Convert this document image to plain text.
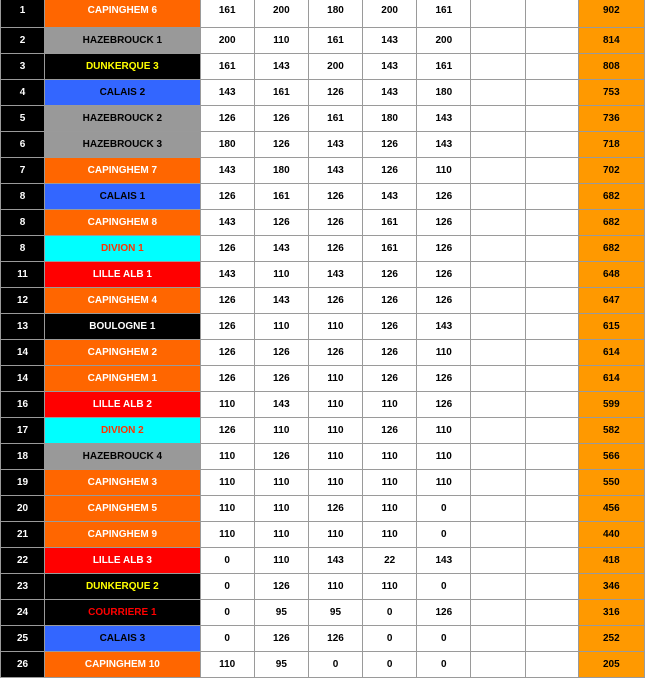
1	CAPINGHEM 6	161	200	180	200	161			902
2	HAZEBROUCK 1	200	110	161	143	200			814
3	DUNKERQUE 3	161	143	200	143	161			808
4	CALAIS 2	143	161	126	143	180			753
5	HAZEBROUCK 2	126	126	161	180	143			736
6	HAZEBROUCK 3	180	126	143	126	143			718
7	CAPINGHEM 7	143	180	143	126	110			702
8	CALAIS 1	126	161	126	143	126			682
8	CAPINGHEM 8	143	126	126	161	126			682
8	DIVION 1	126	143	126	161	126			682
11	LILLE ALB 1	143	110	143	126	126			648
12	CAPINGHEM 4	126	143	126	126	126			647
13	BOULOGNE 1	126	110	110	126	143			615
14	CAPINGHEM 2	126	126	126	126	110			614
14	CAPINGHEM 1	126	126	110	126	126			614
16	LILLE ALB 2	110	143	110	110	126			599
17	DIVION 2	126	110	110	126	110			582
18	HAZEBROUCK 4	110	126	110	110	110			566
19	CAPINGHEM 3	110	110	110	110	110			550
20	CAPINGHEM 5	110	110	126	110	0			456
21	CAPINGHEM 9	110	110	110	110	0			440
22	LILLE ALB 3	0	110	143	22	143			418
23	DUNKERQUE 2	0	126	110	110	0			346
24	COURRIERE 1	0	95	95	0	126			316
25	CALAIS 3	0	126	126	0	0			252
26	CAPINGHEM 10	110	95	0	0	0			205
